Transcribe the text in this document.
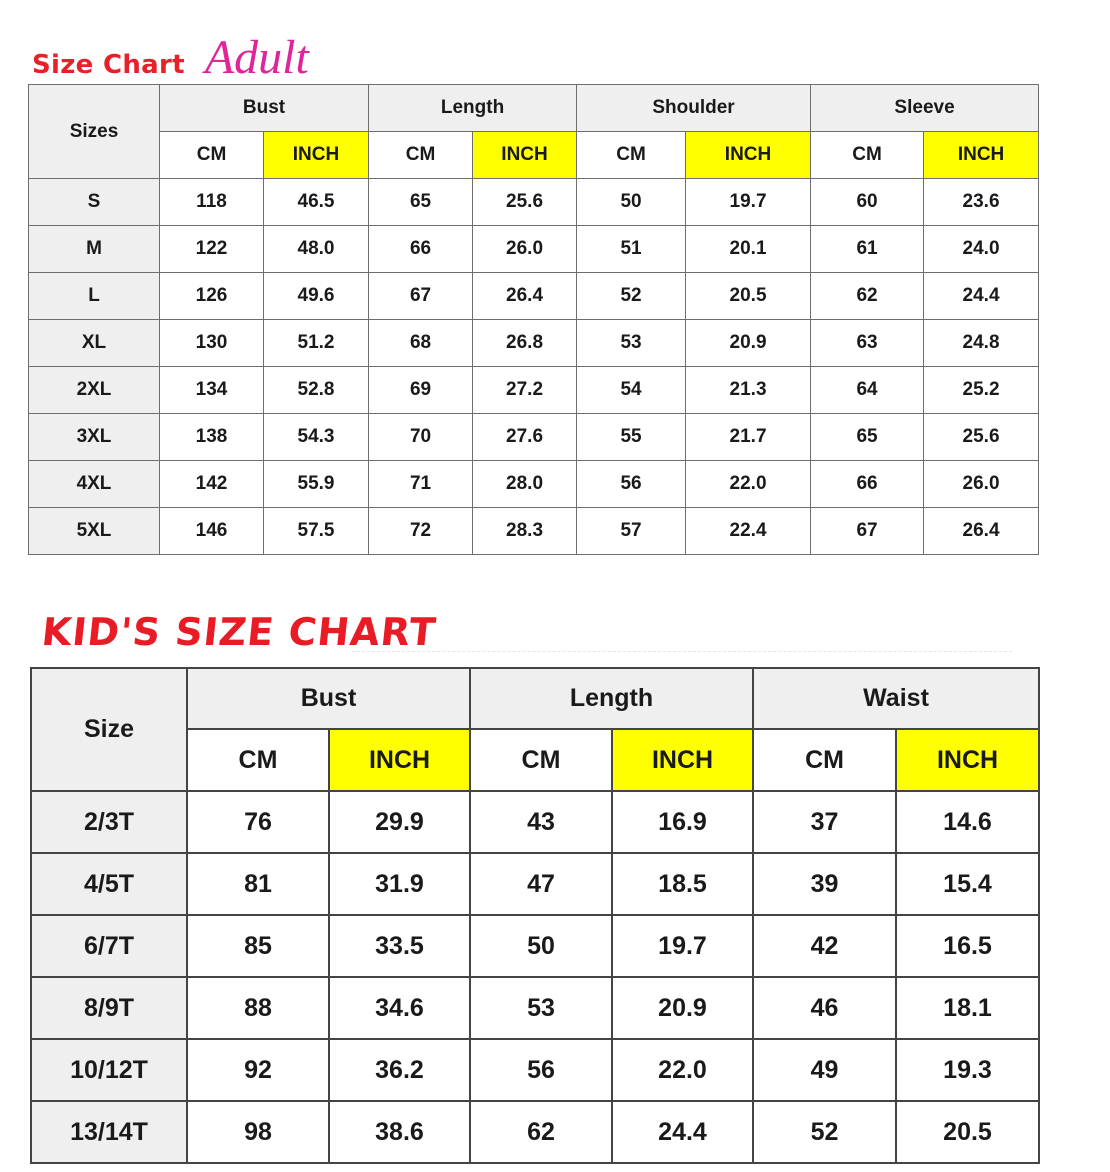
Size Chart Adult
Sizes	Bust		Length		Shoulder		Sleeve	
	CM	INCH	CM	INCH	CM	INCH	CM	INCH
S	118	46.5	65	25.6	50	19.7	60	23.6
M	122	48.0	66	26.0	51	20.1	61	24.0
L	126	49.6	67	26.4	52	20.5	62	24.4
XL	130	51.2	68	26.8	53	20.9	63	24.8
2XL	134	52.8	69	27.2	54	21.3	64	25.2
3XL	138	54.3	70	27.6	55	21.7	65	25.6
4XL	142	55.9	71	28.0	56	22.0	66	26.0
5XL	146	57.5	72	28.3	57	22.4	67	26.4
KID'S SIZE CHART
Size	Bust		Length		Waist	
	CM	INCH	CM	INCH	CM	INCH
2/3T	76	29.9	43	16.9	37	14.6
4/5T	81	31.9	47	18.5	39	15.4
6/7T	85	33.5	50	19.7	42	16.5
8/9T	88	34.6	53	20.9	46	18.1
10/12T	92	36.2	56	22.0	49	19.3
13/14T	98	38.6	62	24.4	52	20.5
